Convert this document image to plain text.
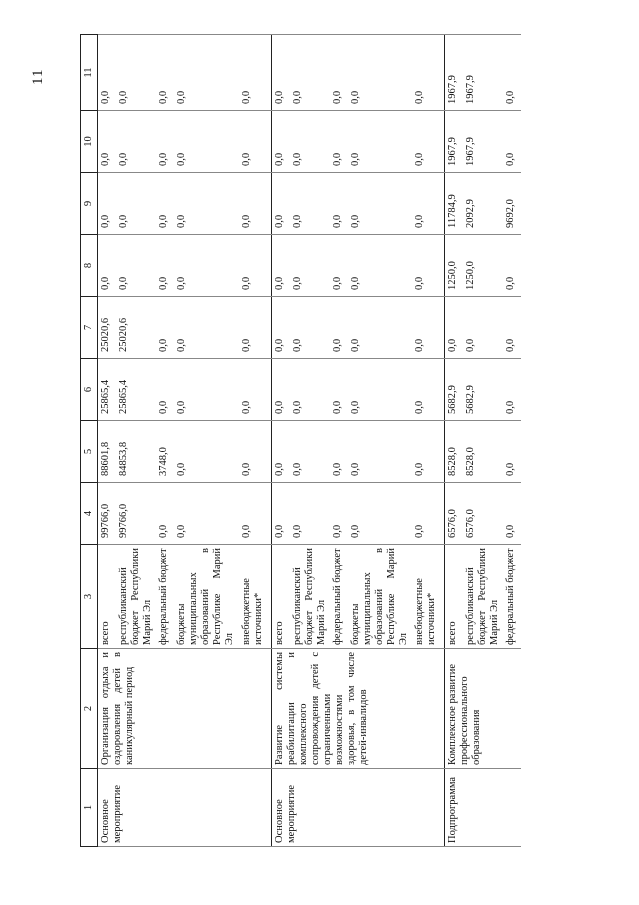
11
1	2	3	4	5	6	7	8	9	10	11
Основное мероприятие	Организация отдыха и оздоровления детей в каникулярный период	всего	99766,0	88601,8	25865,4	25020,6	0,0	0,0	0,0	0,0
		республиканский бюджет Республики Марий Эл	99766,0	84853,8	25865,4	25020,6	0,0	0,0	0,0	0,0
		федеральный бюджет	0,0	3748,0	0,0	0,0	0,0	0,0	0,0	0,0
		бюджеты муниципальных образований в Республике Марий Эл	0,0	0,0	0,0	0,0	0,0	0,0	0,0	0,0
		внебюджетные источники*	0,0	0,0	0,0	0,0	0,0	0,0	0,0	0,0
Основное мероприятие	Развитие системы реабилитации и комплексного сопровождения детей с ограниченными возможностями здоровья, в том числе детей-инвалидов	всего	0,0	0,0	0,0	0,0	0,0	0,0	0,0	0,0
		республиканский бюджет Республики Марий Эл	0,0	0,0	0,0	0,0	0,0	0,0	0,0	0,0
		федеральный бюджет	0,0	0,0	0,0	0,0	0,0	0,0	0,0	0,0
		бюджеты муниципальных образований в Республике Марий Эл	0,0	0,0	0,0	0,0	0,0	0,0	0,0	0,0
		внебюджетные источники*	0,0	0,0	0,0	0,0	0,0	0,0	0,0	0,0
Подпрограмма	Комплексное развитие профессионального образования	всего	6576,0	8528,0	5682,9	0,0	1250,0	11784,9	1967,9	1967,9
		республиканский бюджет Республики Марий Эл	6576,0	8528,0	5682,9	0,0	1250,0	2092,9	1967,9	1967,9
		федеральный бюджет	0,0	0,0	0,0	0,0	0,0	9692,0	0,0	0,0
